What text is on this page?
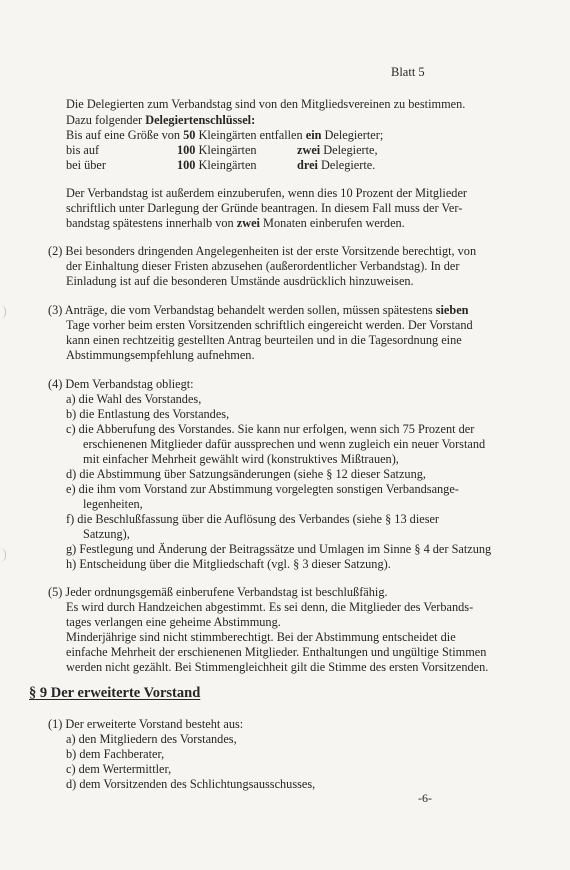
Blatt 5
Die Delegierten zum Verbandstag sind von den Mitgliedsvereinen zu bestimmen.
Dazu folgender Delegiertenschlüssel:
Bis auf eine Größe von 50 Kleingärten entfallen ein Delegierter;
bis auf	100 Kleingärten	zwei Delegierte,
bei über	100 Kleingärten	drei Delegierte.
Der Verbandstag ist außerdem einzuberufen, wenn dies 10 Prozent der Mitglieder
schriftlich unter Darlegung der Gründe beantragen. In diesem Fall muss der Ver-
bandstag spätestens innerhalb von zwei Monaten einberufen werden.
(2) Bei besonders dringenden Angelegenheiten ist der erste Vorsitzende berechtigt, von
der Einhaltung dieser Fristen abzusehen (außerordentlicher Verbandstag). In der
Einladung ist auf die besonderen Umstände ausdrücklich hinzuweisen.
(3) Anträge, die vom Verbandstag behandelt werden sollen, müssen spätestens sieben
Tage vorher beim ersten Vorsitzenden schriftlich eingereicht werden. Der Vorstand
kann einen rechtzeitig gestellten Antrag beurteilen und in die Tagesordnung eine
Abstimmungsempfehlung aufnehmen.
(4) Dem Verbandstag obliegt:
a) die Wahl des Vorstandes,
b) die Entlastung des Vorstandes,
c) die Abberufung des Vorstandes. Sie kann nur erfolgen, wenn sich 75 Prozent der
erschienenen Mitglieder dafür aussprechen und wenn zugleich ein neuer Vorstand
mit einfacher Mehrheit gewählt wird (konstruktives Mißtrauen),
d) die Abstimmung über Satzungsänderungen (siehe § 12 dieser Satzung,
e) die ihm vom Vorstand zur Abstimmung vorgelegten sonstigen Verbandsange-
legenheiten,
f) die Beschlußfassung über die Auflösung des Verbandes (siehe § 13 dieser
Satzung),
g) Festlegung und Änderung der Beitragssätze und Umlagen im Sinne § 4 der Satzung
h) Entscheidung über die Mitgliedschaft (vgl. § 3 dieser Satzung).
(5) Jeder ordnungsgemäß einberufene Verbandstag ist beschlußfähig.
Es wird durch Handzeichen abgestimmt. Es sei denn, die Mitglieder des Verbands-
tages verlangen eine geheime Abstimmung.
Minderjährige sind nicht stimmberechtigt. Bei der Abstimmung entscheidet die
einfache Mehrheit der erschienenen Mitglieder. Enthaltungen und ungültige Stimmen
werden nicht gezählt. Bei Stimmengleichheit gilt die Stimme des ersten Vorsitzenden.
§ 9 Der erweiterte Vorstand
(1) Der erweiterte Vorstand besteht aus:
a) den Mitgliedern des Vorstandes,
b) dem Fachberater,
c) dem Wertermittler,
d) dem Vorsitzenden des Schlichtungsausschusses,
-6-
